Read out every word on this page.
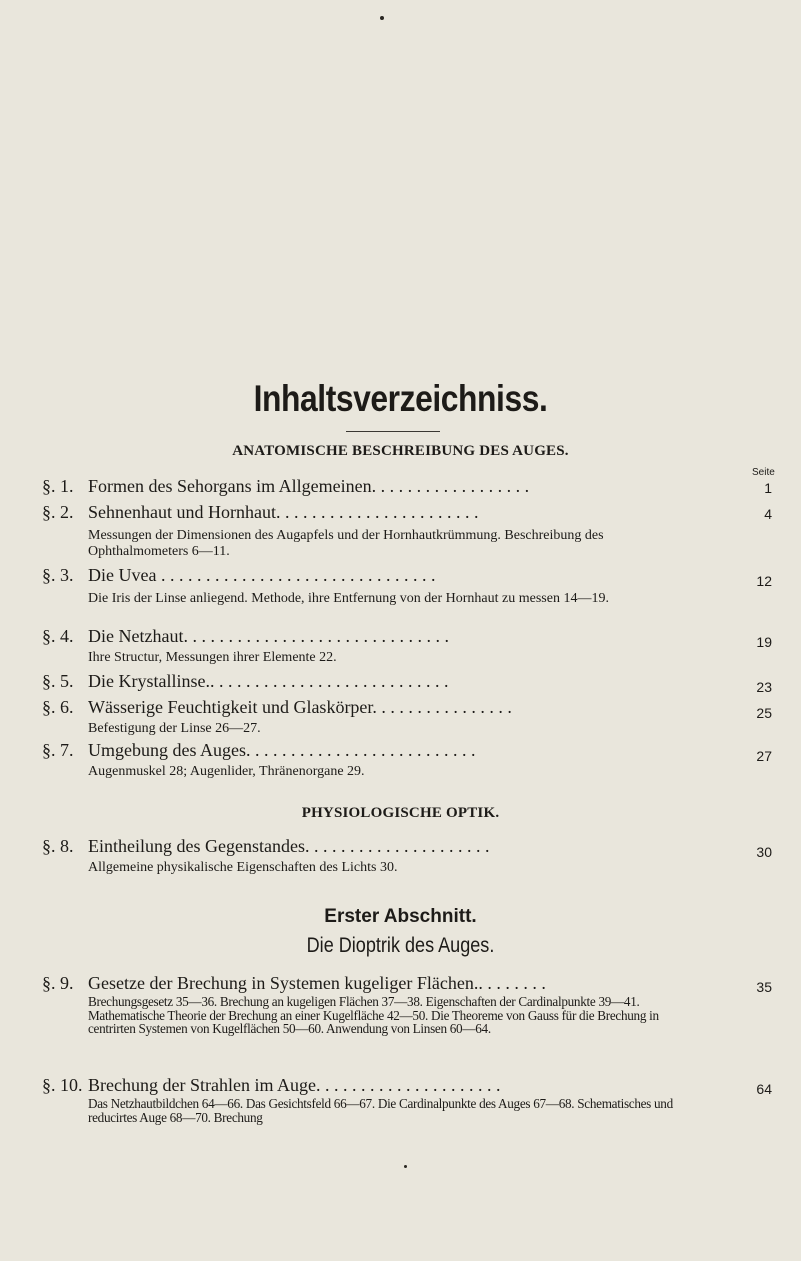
Inhaltsverzeichniss.
ANATOMISCHE BESCHREIBUNG DES AUGES.
Seite
§. 1. Formen des Sehorgans im Allgemeinen. . . . . . . . . . . . . . . . . .	1
§. 2. Sehnenhaut und Hornhaut. . . . . . . . . . . . . . . . . . . . . . .	4
Messungen der Dimensionen des Augapfels und der Hornhautkrümmung. Beschreibung des Ophthalmometers 6—11.
§. 3. Die Uvea . . . . . . . . . . . . . . . . . . . . . . . . . . . . . . .	12
Die Iris der Linse anliegend. Methode, ihre Entfernung von der Hornhaut zu messen 14—19.
§. 4. Die Netzhaut. . . . . . . . . . . . . . . . . . . . . . . . . . . . . .	19
Ihre Structur, Messungen ihrer Elemente 22.
§. 5. Die Krystallinse.. . . . . . . . . . . . . . . . . . . . . . . . . . .	23
§. 6. Wässerige Feuchtigkeit und Glaskörper. . . . . . . . . . . . . . . .	25
Befestigung der Linse 26—27.
§. 7. Umgebung des Auges. . . . . . . . . . . . . . . . . . . . . . . . . .	27
Augenmuskel 28; Augenlider, Thränenorgane 29.
PHYSIOLOGISCHE OPTIK.
§. 8. Eintheilung des Gegenstandes. . . . . . . . . . . . . . . . . . . . .	30
Allgemeine physikalische Eigenschaften des Lichts 30.
Erster Abschnitt.
Die Dioptrik des Auges.
§. 9. Gesetze der Brechung in Systemen kugeliger Flächen.. . . . . . . .	35
Brechungsgesetz 35—36. Brechung an kugeligen Flächen 37—38. Eigenschaften der Cardinalpunkte 39—41. Mathematische Theorie der Brechung an einer Kugelfläche 42—50. Die Theoreme von Gauss für die Brechung in centrirten Systemen von Kugelflächen 50—60. Anwendung von Linsen 60—64.
§. 10. Brechung der Strahlen im Auge. . . . . . . . . . . . . . . . . . . . .	64
Das Netzhautbildchen 64—66. Das Gesichtsfeld 66—67. Die Cardinalpunkte des Auges 67—68. Schematisches und reducirtes Auge 68—70. Brechung
